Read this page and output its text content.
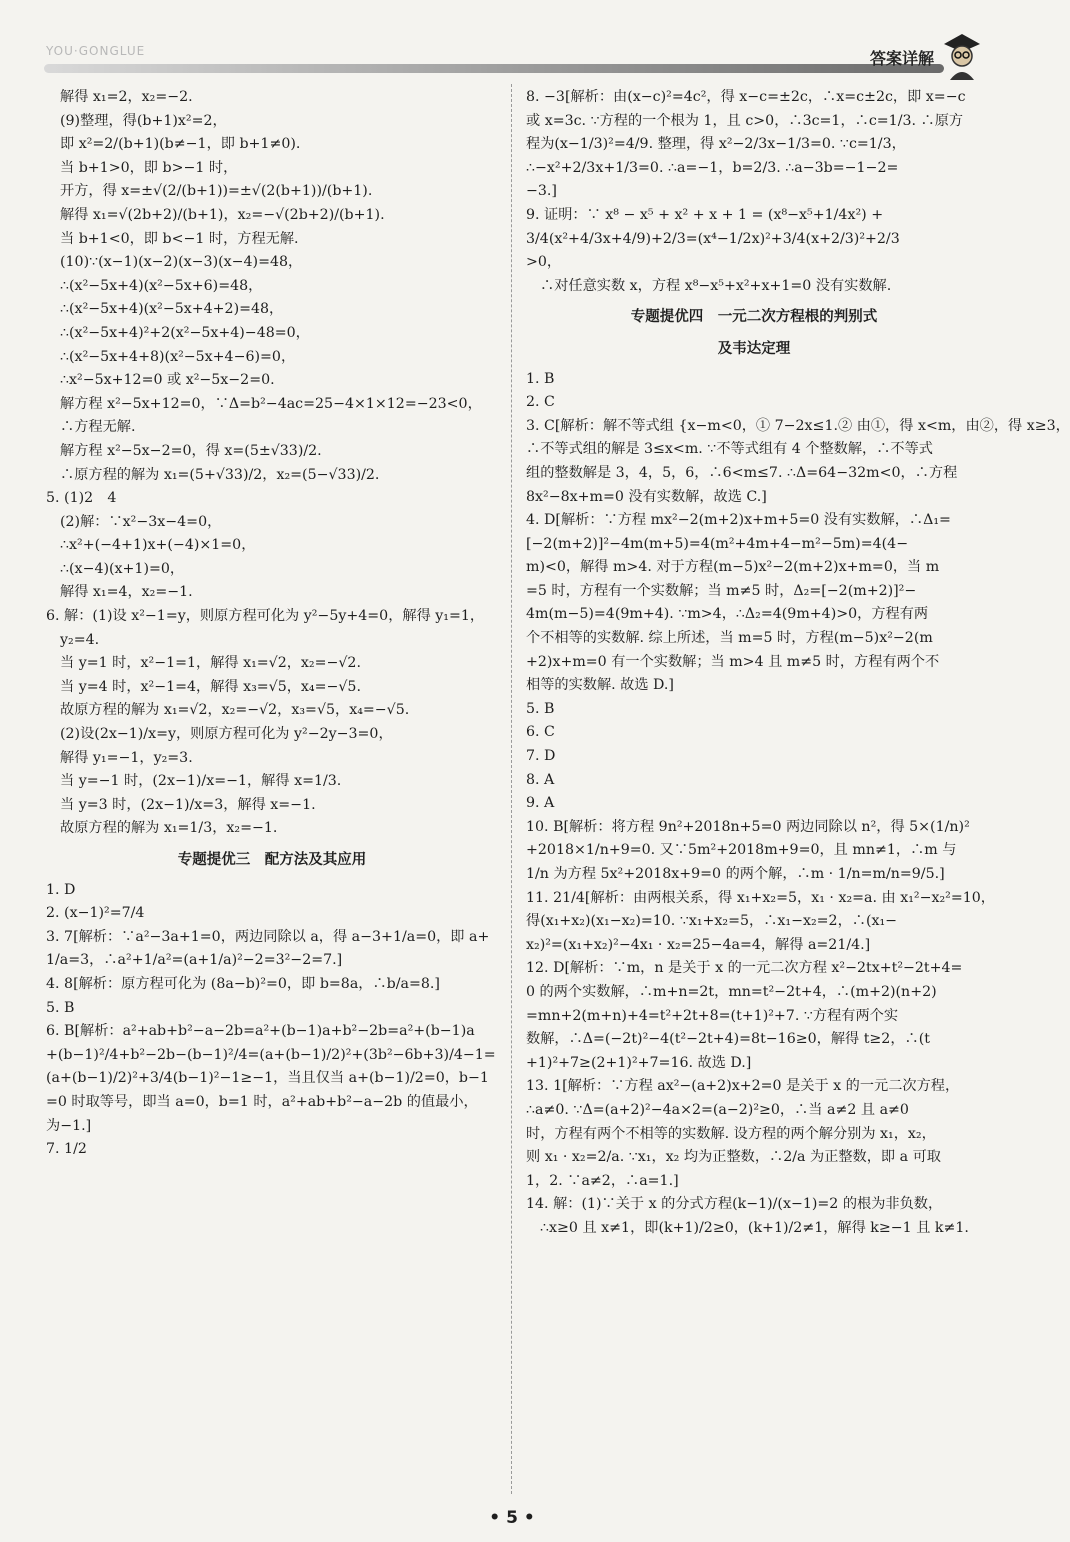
YOU·GONGLUE	答案详解
解得 x₁=2，x₂=−2.
(9)整理，得(b+1)x²=2，
即 x²=2/(b+1)(b≠−1，即 b+1≠0).
当 b+1>0，即 b>−1 时，
开方，得 x=±√(2/(b+1))=±√(2(b+1))/(b+1).
解得 x₁=√(2b+2)/(b+1)，x₂=−√(2b+2)/(b+1).
当 b+1<0，即 b<−1 时，方程无解.
(10)∵(x−1)(x−2)(x−3)(x−4)=48，
∴(x²−5x+4)(x²−5x+6)=48，
∴(x²−5x+4)(x²−5x+4+2)=48，
∴(x²−5x+4)²+2(x²−5x+4)−48=0，
∴(x²−5x+4+8)(x²−5x+4−6)=0，
∴x²−5x+12=0 或 x²−5x−2=0.
解方程 x²−5x+12=0，∵Δ=b²−4ac=25−4×1×12=−23<0，
∴方程无解.
解方程 x²−5x−2=0，得 x=(5±√33)/2.
∴原方程的解为 x₁=(5+√33)/2，x₂=(5−√33)/2.
5. (1)2　4
(2)解：∵x²−3x−4=0，
∴x²+(−4+1)x+(−4)×1=0，
∴(x−4)(x+1)=0，
解得 x₁=4，x₂=−1.
6. 解：(1)设 x²−1=y，则原方程可化为 y²−5y+4=0，解得 y₁=1，
y₂=4.
当 y=1 时，x²−1=1，解得 x₁=√2，x₂=−√2.
当 y=4 时，x²−1=4，解得 x₃=√5，x₄=−√5.
故原方程的解为 x₁=√2，x₂=−√2，x₃=√5，x₄=−√5.
(2)设(2x−1)/x=y，则原方程可化为 y²−2y−3=0，
解得 y₁=−1，y₂=3.
当 y=−1 时，(2x−1)/x=−1，解得 x=1/3.
当 y=3 时，(2x−1)/x=3，解得 x=−1.
故原方程的解为 x₁=1/3，x₂=−1.
专题提优三　配方法及其应用
1. D
2. (x−1)²=7/4
3. 7[解析：∵a²−3a+1=0，两边同除以 a，得 a−3+1/a=0，即 a+
1/a=3，∴a²+1/a²=(a+1/a)²−2=3²−2=7.]
4. 8[解析：原方程可化为 (8a−b)²=0，即 b=8a，∴b/a=8.]
5. B
6. B[解析：a²+ab+b²−a−2b=a²+(b−1)a+b²−2b=a²+(b−1)a
+(b−1)²/4+b²−2b−(b−1)²/4=(a+(b−1)/2)²+(3b²−6b+3)/4−1=
(a+(b−1)/2)²+3/4(b−1)²−1≥−1，当且仅当 a+(b−1)/2=0，b−1
=0 时取等号，即当 a=0，b=1 时，a²+ab+b²−a−2b 的值最小，
为−1.]
7. 1/2
8. −3[解析：由(x−c)²=4c²，得 x−c=±2c，∴x=c±2c，即 x=−c
或 x=3c. ∵方程的一个根为 1，且 c>0，∴3c=1，∴c=1/3. ∴原方
程为(x−1/3)²=4/9. 整理，得 x²−2/3x−1/3=0. ∵c=1/3，
∴−x²+2/3x+1/3=0. ∴a=−1，b=2/3. ∴a−3b=−1−2=
−3.]
9. 证明：∵ x⁸ − x⁵ + x² + x + 1 = (x⁸−x⁵+1/4x²) +
3/4(x²+4/3x+4/9)+2/3=(x⁴−1/2x)²+3/4(x+2/3)²+2/3
>0，
∴对任意实数 x，方程 x⁸−x⁵+x²+x+1=0 没有实数解.
专题提优四　一元二次方程根的判别式
及韦达定理
1. B
2. C
3. C[解析：解不等式组 {x−m<0，① 7−2x≤1.② 由①，得 x<m，由②，得 x≥3，
∴不等式组的解是 3≤x<m. ∵不等式组有 4 个整数解，∴不等式
组的整数解是 3，4，5，6，∴6<m≤7. ∴Δ=64−32m<0，∴方程
8x²−8x+m=0 没有实数解，故选 C.]
4. D[解析：∵方程 mx²−2(m+2)x+m+5=0 没有实数解，∴Δ₁=
[−2(m+2)]²−4m(m+5)=4(m²+4m+4−m²−5m)=4(4−
m)<0，解得 m>4. 对于方程(m−5)x²−2(m+2)x+m=0，当 m
=5 时，方程有一个实数解；当 m≠5 时，Δ₂=[−2(m+2)]²−
4m(m−5)=4(9m+4). ∵m>4，∴Δ₂=4(9m+4)>0，方程有两
个不相等的实数解. 综上所述，当 m=5 时，方程(m−5)x²−2(m
+2)x+m=0 有一个实数解；当 m>4 且 m≠5 时，方程有两个不
相等的实数解. 故选 D.]
5. B
6. C
7. D
8. A
9. A
10. B[解析：将方程 9n²+2018n+5=0 两边同除以 n²，得 5×(1/n)²
+2018×1/n+9=0. 又∵5m²+2018m+9=0，且 mn≠1，∴m 与
1/n 为方程 5x²+2018x+9=0 的两个解，∴m · 1/n=m/n=9/5.]
11. 21/4[解析：由两根关系，得 x₁+x₂=5，x₁ · x₂=a. 由 x₁²−x₂²=10，
得(x₁+x₂)(x₁−x₂)=10. ∵x₁+x₂=5，∴x₁−x₂=2，∴(x₁−
x₂)²=(x₁+x₂)²−4x₁ · x₂=25−4a=4，解得 a=21/4.]
12. D[解析：∵m，n 是关于 x 的一元二次方程 x²−2tx+t²−2t+4=
0 的两个实数解，∴m+n=2t，mn=t²−2t+4，∴(m+2)(n+2)
=mn+2(m+n)+4=t²+2t+8=(t+1)²+7. ∵方程有两个实
数解，∴Δ=(−2t)²−4(t²−2t+4)=8t−16≥0，解得 t≥2，∴(t
+1)²+7≥(2+1)²+7=16. 故选 D.]
13. 1[解析：∵方程 ax²−(a+2)x+2=0 是关于 x 的一元二次方程，
∴a≠0. ∵Δ=(a+2)²−4a×2=(a−2)²≥0，∴当 a≠2 且 a≠0
时，方程有两个不相等的实数解. 设方程的两个解分别为 x₁，x₂，
则 x₁ · x₂=2/a. ∵x₁，x₂ 均为正整数，∴2/a 为正整数，即 a 可取
1，2. ∵a≠2，∴a=1.]
14. 解：(1)∵关于 x 的分式方程(k−1)/(x−1)=2 的根为非负数，
∴x≥0 且 x≠1，即(k+1)/2≥0，(k+1)/2≠1，解得 k≥−1 且 k≠1.
• 5 •
